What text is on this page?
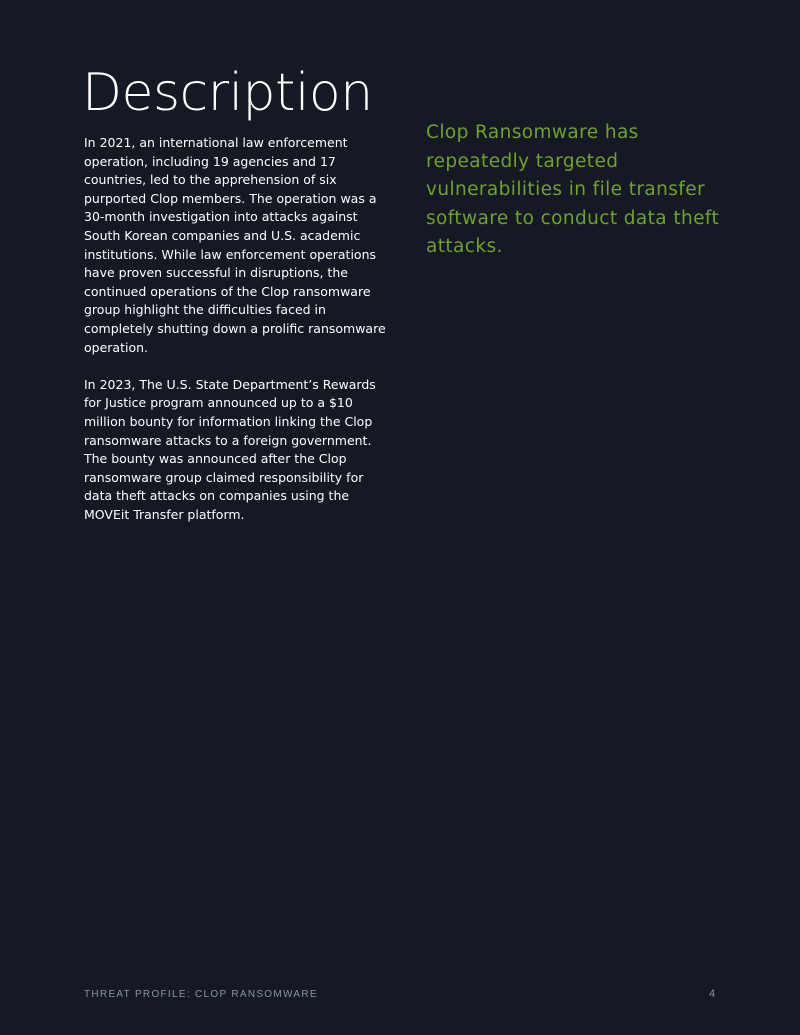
Description

In 2021, an international law enforcement operation, including 19 agencies and 17 countries, led to the apprehension of six purported Clop members. The operation was a 30-month investigation into attacks against South Korean companies and U.S. academic institutions. While law enforcement operations have proven successful in disruptions, the continued operations of the Clop ransomware group highlight the difficulties faced in completely shutting down a prolific ransomware operation.

In 2023, The U.S. State Department’s Rewards for Justice program announced up to a $10 million bounty for information linking the Clop ransomware attacks to a foreign government. The bounty was announced after the Clop ransomware group claimed responsibility for data theft attacks on companies using the MOVEit Transfer platform.

Clop Ransomware has repeatedly targeted vulnerabilities in file transfer software to conduct data theft attacks.

THREAT PROFILE: CLOP RANSOMWARE	4
